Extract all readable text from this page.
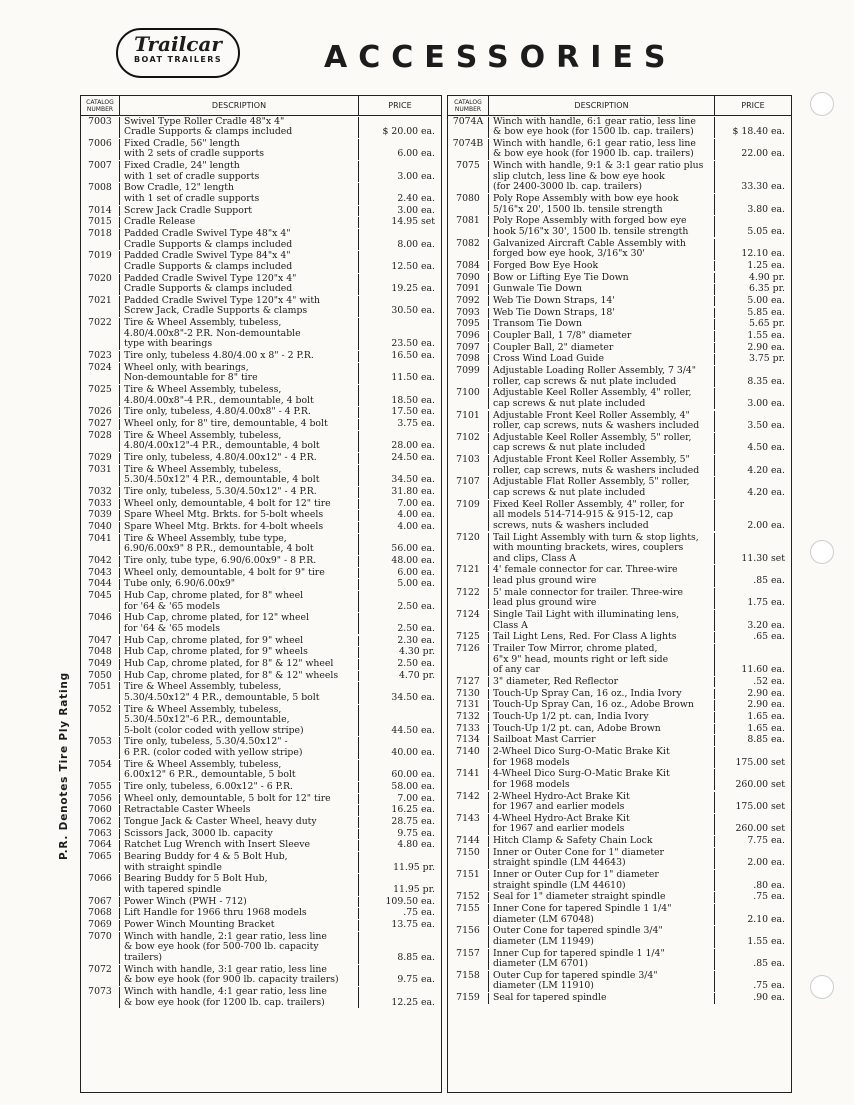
Trailcar
BOAT TRAILERS	ACCESSORIES
P.R. Denotes Tire Ply Rating
CATALOG
NUMBER	DESCRIPTION	PRICE
7003	Swivel Type Roller Cradle 48"x 4"
Cradle Supports & clamps included	$ 20.00 ea.
7006	Fixed Cradle, 56" length
with 2 sets of cradle supports	6.00 ea.
7007	Fixed Cradle, 24" length
with 1 set of cradle supports	3.00 ea.
7008	Bow Cradle, 12" length
with 1 set of cradle supports	2.40 ea.
7014	Screw Jack Cradle Support	3.00 ea.
7015	Cradle Release	14.95 set
7018	Padded Cradle Swivel Type 48"x 4"
Cradle Supports & clamps included	8.00 ea.
7019	Padded Cradle Swivel Type 84"x 4"
Cradle Supports & clamps included	12.50 ea.
7020	Padded Cradle Swivel Type 120"x 4"
Cradle Supports & clamps included	19.25 ea.
7021	Padded Cradle Swivel Type 120"x 4" with
Screw Jack, Cradle Supports & clamps	30.50 ea.
7022	Tire & Wheel Assembly, tubeless,
4.80/4.00x8"-2 P.R. Non-demountable
type with bearings	23.50 ea.
7023	Tire only, tubeless 4.80/4.00 x 8" - 2 P.R.	16.50 ea.
7024	Wheel only, with bearings,
Non-demountable for 8" tire	11.50 ea.
7025	Tire & Wheel Assembly, tubeless,
4.80/4.00x8"-4 P.R., demountable, 4 bolt	18.50 ea.
7026	Tire only, tubeless, 4.80/4.00x8" - 4 P.R.	17.50 ea.
7027	Wheel only, for 8" tire, demountable, 4 bolt	3.75 ea.
7028	Tire & Wheel Assembly, tubeless,
4.80/4.00x12"-4 P.R., demountable, 4 bolt	28.00 ea.
7029	Tire only, tubeless, 4.80/4.00x12" - 4 P.R.	24.50 ea.
7031	Tire & Wheel Assembly, tubeless,
5.30/4.50x12" 4 P.R., demountable, 4 bolt	34.50 ea.
7032	Tire only, tubeless, 5.30/4.50x12" - 4 P.R.	31.80 ea.
7033	Wheel only, demountable, 4 bolt for 12" tire	7.00 ea.
7039	Spare Wheel Mtg. Brkts. for 5-bolt wheels	4.00 ea.
7040	Spare Wheel Mtg. Brkts. for 4-bolt wheels	4.00 ea.
7041	Tire & Wheel Assembly, tube type,
6.90/6.00x9" 8 P.R., demountable, 4 bolt	56.00 ea.
7042	Tire only, tube type, 6.90/6.00x9" - 8 P.R.	48.00 ea.
7043	Wheel only, demountable, 4 bolt for 9" tire	6.00 ea.
7044	Tube only, 6.90/6.00x9"	5.00 ea.
7045	Hub Cap, chrome plated, for 8" wheel
for '64 & '65 models	2.50 ea.
7046	Hub Cap, chrome plated, for 12" wheel
for '64 & '65 models	2.50 ea.
7047	Hub Cap, chrome plated, for 9" wheel	2.30 ea.
7048	Hub Cap, chrome plated, for 9" wheels	4.30 pr.
7049	Hub Cap, chrome plated, for 8" & 12" wheel	2.50 ea.
7050	Hub Cap, chrome plated, for 8" & 12" wheels	4.70 pr.
7051	Tire & Wheel Assembly, tubeless,
5.30/4.50x12" 4 P.R., demountable, 5 bolt	34.50 ea.
7052	Tire & Wheel Assembly, tubeless,
5.30/4.50x12"-6 P.R., demountable,
5-bolt (color coded with yellow stripe)	44.50 ea.
7053	Tire only, tubeless, 5.30/4.50x12" -
6 P.R. (color coded with yellow stripe)	40.00 ea.
7054	Tire & Wheel Assembly, tubeless,
6.00x12" 6 P.R., demountable, 5 bolt	60.00 ea.
7055	Tire only, tubeless, 6.00x12" - 6 P.R.	58.00 ea.
7056	Wheel only, demountable, 5 bolt for 12" tire	7.00 ea.
7060	Retractable Caster Wheels	16.25 ea.
7062	Tongue Jack & Caster Wheel, heavy duty	28.75 ea.
7063	Scissors Jack, 3000 lb. capacity	9.75 ea.
7064	Ratchet Lug Wrench with Insert Sleeve	4.80 ea.
7065	Bearing Buddy for 4 & 5 Bolt Hub,
with straight spindle	11.95 pr.
7066	Bearing Buddy for 5 Bolt Hub,
with tapered spindle	11.95 pr.
7067	Power Winch (PWH - 712)	109.50 ea.
7068	Lift Handle for 1966 thru 1968 models	.75 ea.
7069	Power Winch Mounting Bracket	13.75 ea.
7070	Winch with handle, 2:1 gear ratio, less line
& bow eye hook (for 500-700 lb. capacity
trailers)	8.85 ea.
7072	Winch with handle, 3:1 gear ratio, less line
& bow eye hook (for 900 lb. capacity trailers)	9.75 ea.
7073	Winch with handle, 4:1 gear ratio, less line
& bow eye hook (for 1200 lb. cap. trailers)	12.25 ea.
CATALOG
NUMBER	DESCRIPTION	PRICE
7074A	Winch with handle, 6:1 gear ratio, less line
& bow eye hook (for 1500 lb. cap. trailers)	$ 18.40 ea.
7074B	Winch with handle, 6:1 gear ratio, less line
& bow eye hook (for 1900 lb. cap. trailers)	22.00 ea.
7075	Winch with handle, 9:1 & 3:1 gear ratio plus
slip clutch, less line & bow eye hook
(for 2400-3000 lb. cap. trailers)	33.30 ea.
7080	Poly Rope Assembly with bow eye hook
5/16"x 20', 1500 lb. tensile strength	3.80 ea.
7081	Poly Rope Assembly with forged bow eye
hook 5/16"x 30', 1500 lb. tensile strength	5.05 ea.
7082	Galvanized Aircraft Cable Assembly with
forged bow eye hook, 3/16"x 30'	12.10 ea.
7084	Forged Bow Eye Hook	1.25 ea.
7090	Bow or Lifting Eye Tie Down	4.90 pr.
7091	Gunwale Tie Down	6.35 pr.
7092	Web Tie Down Straps, 14'	5.00 ea.
7093	Web Tie Down Straps, 18'	5.85 ea.
7095	Transom Tie Down	5.65 pr.
7096	Coupler Ball, 1 7/8" diameter	1.55 ea.
7097	Coupler Ball, 2" diameter	2.90 ea.
7098	Cross Wind Load Guide	3.75 pr.
7099	Adjustable Loading Roller Assembly, 7 3/4"
roller, cap screws & nut plate included	8.35 ea.
7100	Adjustable Keel Roller Assembly, 4" roller,
cap screws & nut plate included	3.00 ea.
7101	Adjustable Front Keel Roller Assembly, 4"
roller, cap screws, nuts & washers included	3.50 ea.
7102	Adjustable Keel Roller Assembly, 5" roller,
cap screws & nut plate included	4.50 ea.
7103	Adjustable Front Keel Roller Assembly, 5"
roller, cap screws, nuts & washers included	4.20 ea.
7107	Adjustable Flat Roller Assembly, 5" roller,
cap screws & nut plate included	4.20 ea.
7109	Fixed Keel Roller Assembly, 4" roller, for
all models 514-714-915 & 915-12, cap
screws, nuts & washers included	2.00 ea.
7120	Tail Light Assembly with turn & stop lights,
with mounting brackets, wires, couplers
and clips, Class A	11.30 set
7121	4' female connector for car. Three-wire
lead plus ground wire	.85 ea.
7122	5' male connector for trailer. Three-wire
lead plus ground wire	1.75 ea.
7124	Single Tail Light with illuminating lens,
Class A	3.20 ea.
7125	Tail Light Lens, Red. For Class A lights	.65 ea.
7126	Trailer Tow Mirror, chrome plated,
6"x 9" head, mounts right or left side
of any car	11.60 ea.
7127	3" diameter, Red Reflector	.52 ea.
7130	Touch-Up Spray Can, 16 oz., India Ivory	2.90 ea.
7131	Touch-Up Spray Can, 16 oz., Adobe Brown	2.90 ea.
7132	Touch-Up 1/2 pt. can, India Ivory	1.65 ea.
7133	Touch-Up 1/2 pt. can, Adobe Brown	1.65 ea.
7134	Sailboat Mast Carrier	8.85 ea.
7140	2-Wheel Dico Surg-O-Matic Brake Kit
for 1968 models	175.00 set
7141	4-Wheel Dico Surg-O-Matic Brake Kit
for 1968 models	260.00 set
7142	2-Wheel Hydro-Act Brake Kit
for 1967 and earlier models	175.00 set
7143	4-Wheel Hydro-Act Brake Kit
for 1967 and earlier models	260.00 set
7144	Hitch Clamp & Safety Chain Lock	7.75 ea.
7150	Inner or Outer Cone for 1" diameter
straight spindle (LM 44643)	2.00 ea.
7151	Inner or Outer Cup for 1" diameter
straight spindle (LM 44610)	.80 ea.
7152	Seal for 1" diameter straight spindle	.75 ea.
7155	Inner Cone for tapered Spindle 1 1/4"
diameter (LM 67048)	2.10 ea.
7156	Outer Cone for tapered spindle 3/4"
diameter (LM 11949)	1.55 ea.
7157	Inner Cup for tapered spindle 1 1/4"
diameter (LM 6701)	.85 ea.
7158	Outer Cup for tapered spindle 3/4"
diameter (LM 11910)	.75 ea.
7159	Seal for tapered spindle	.90 ea.
